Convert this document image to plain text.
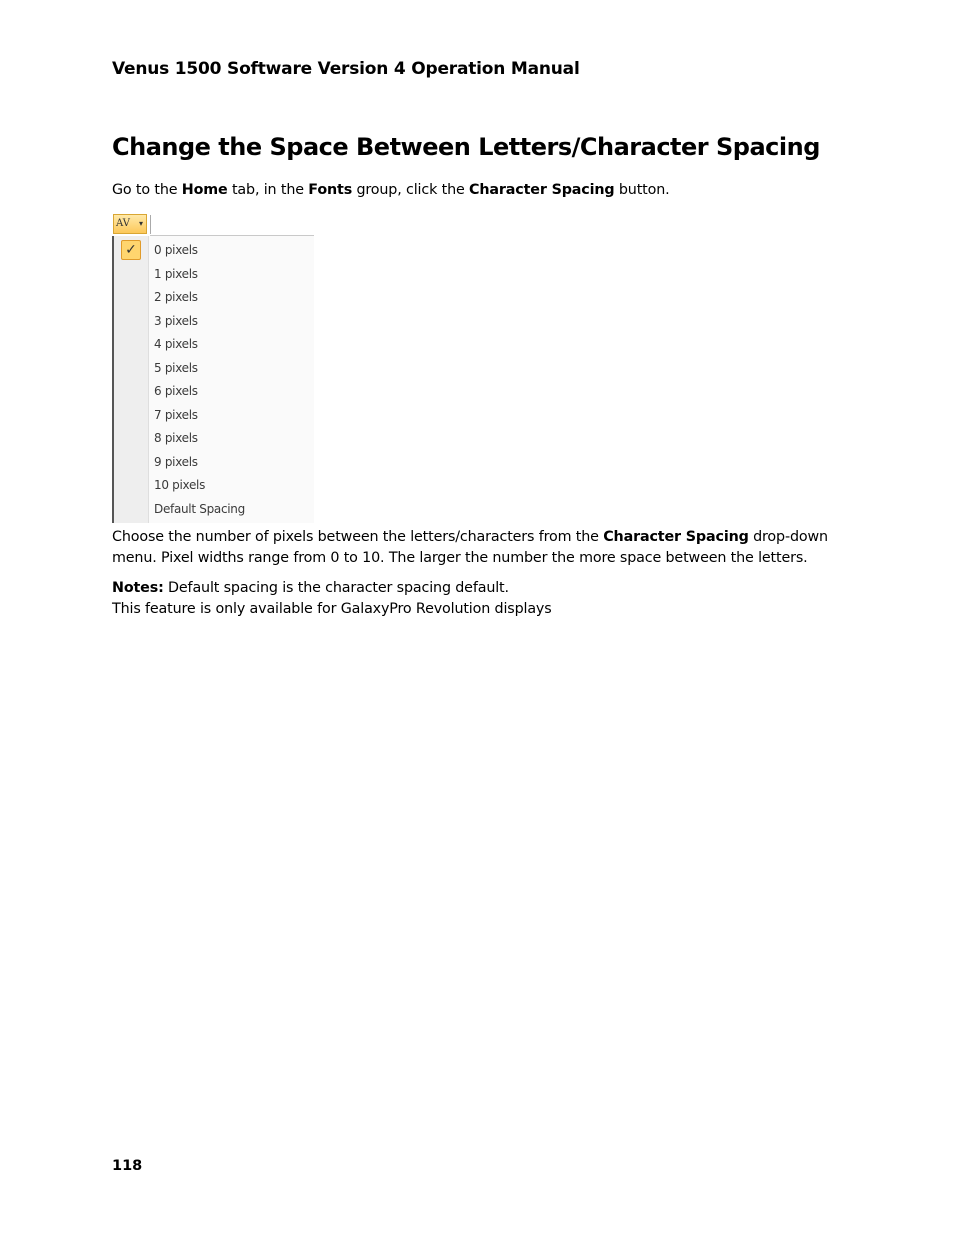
Venus 1500 Software Version 4 Operation Manual
Change the Space Between Letters/Character Spacing
Go to the Home tab, in the Fonts group, click the Character Spacing button.
AV ▾
✓	0 pixels
1 pixels
2 pixels
3 pixels
4 pixels
5 pixels
6 pixels
7 pixels
8 pixels
9 pixels
10 pixels
Default Spacing
Choose the number of pixels between the letters/characters from the Character Spacing drop-down
menu. Pixel widths range from 0 to 10. The larger the number the more space between the letters.
Notes: Default spacing is the character spacing default.
This feature is only available for GalaxyPro Revolution displays
118
